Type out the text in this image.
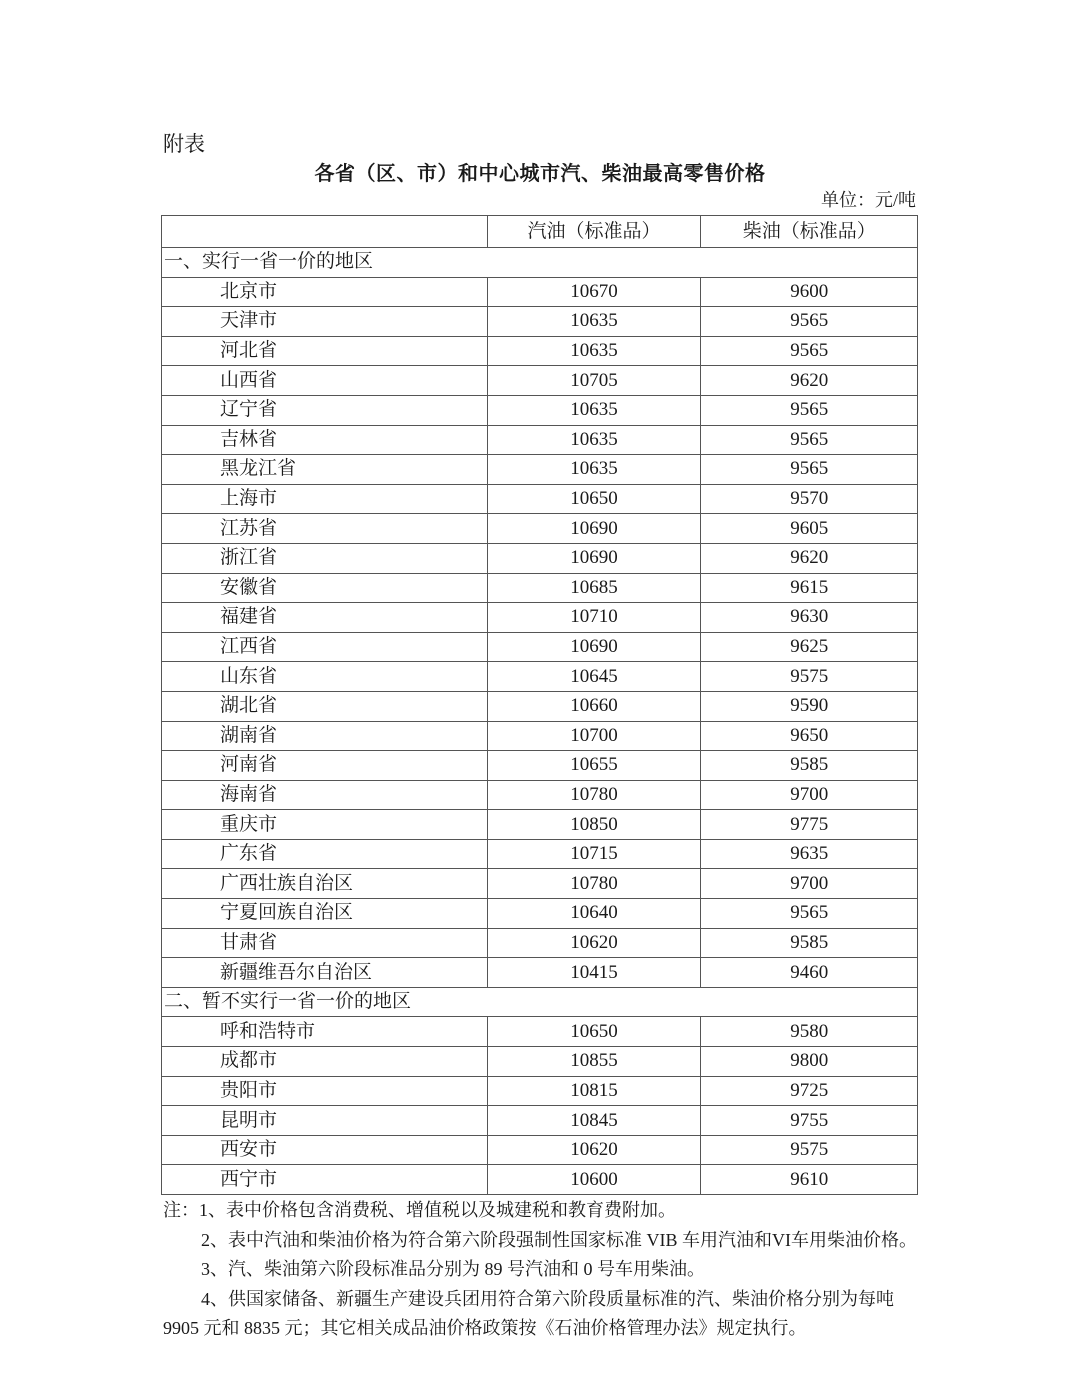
附表
各省（区、市）和中心城市汽、柴油最高零售价格
单位：元/吨
	汽油（标准品）	柴油（标准品）
一、实行一省一价的地区		
北京市	10670	9600
天津市	10635	9565
河北省	10635	9565
山西省	10705	9620
辽宁省	10635	9565
吉林省	10635	9565
黑龙江省	10635	9565
上海市	10650	9570
江苏省	10690	9605
浙江省	10690	9620
安徽省	10685	9615
福建省	10710	9630
江西省	10690	9625
山东省	10645	9575
湖北省	10660	9590
湖南省	10700	9650
河南省	10655	9585
海南省	10780	9700
重庆市	10850	9775
广东省	10715	9635
广西壮族自治区	10780	9700
宁夏回族自治区	10640	9565
甘肃省	10620	9585
新疆维吾尔自治区	10415	9460
二、暂不实行一省一价的地区		
呼和浩特市	10650	9580
成都市	10855	9800
贵阳市	10815	9725
昆明市	10845	9755
西安市	10620	9575
西宁市	10600	9610

注：1、表中价格包含消费税、增值税以及城建税和教育费附加。

2、表中汽油和柴油价格为符合第六阶段强制性国家标准 VIB 车用汽油和VI车用柴油价格。

3、汽、柴油第六阶段标准品分别为 89 号汽油和 0 号车用柴油。

4、供国家储备、新疆生产建设兵团用符合第六阶段质量标准的汽、柴油价格分别为每吨 9905 元和 8835 元；其它相关成品油价格政策按《石油价格管理办法》规定执行。
